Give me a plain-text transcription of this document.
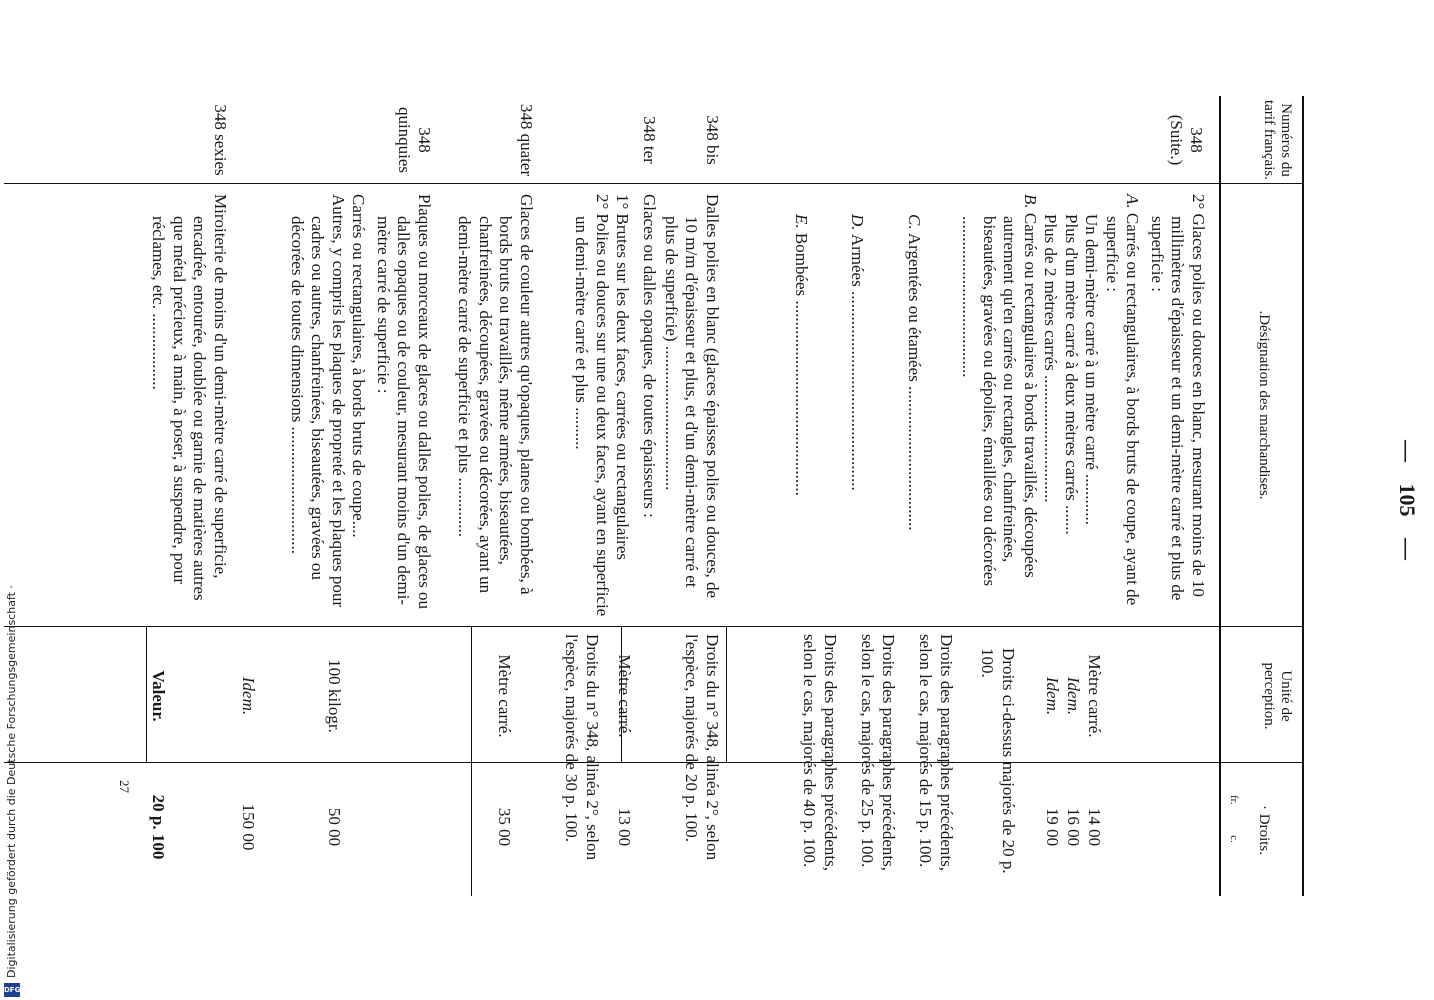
— 105 —
Numéros du tarif français.
.Désignation des marchandises.
Unité de perception.
· Droits.
fr. c.

348

(Suite.)

2° Glaces polies ou douces en blanc, mesurant moins de 10 millimètres d'épaisseur et un demi-mètre carré et plus de superficie :

A. Carrés ou rectangulaires, à bords bruts de coupe, ayant de superficie :

Un demi-mètre carré à un mètre carré ............

Plus d'un mètre carré à deux mètres carrés .......

Plus de 2 mètres carrés ..............................

B. Carrés ou rectangulaires à bords travaillés, découpées autrement qu'en carrés ou rectangles, chanfreinées, biseautées, gravées ou dépolies, émaillées ou décorées ......................................

C. Argentées ou étamées ..................................

D. Armées ...............................................

E. Bombées ..............................................

Mètre carré.
14 00
Idem.
16 00
Idem.
19 00
Droits ci-dessus majorés de 20 p. 100.
Droits des paragraphes précédents, selon le cas, majorés de 15 p. 100.
Droits des paragraphes précédents, selon le cas, majorés de 25 p. 100.
Droits des paragraphes précédents, selon le cas, majorés de 40 p. 100.
348 bis

Dalles polies en blanc (glaces épaisses polies ou douces, de 10 m/m d'épaisseur et plus, et d'un demi-mètre carré et plus de superficie) ..................................

Droits du n° 348, alinéa 2°, selon l'espèce, majorés de 20 p. 100.
348 ter

Glaces ou dalles opaques, de toutes épaisseurs :

1° Brutes sur les deux faces, carrées ou rectangulaires

2° Polies ou douces sur une ou deux faces, ayant en superficie un demi-mètre carré et plus ..........

Mètre carré.
13 00
Droits du n° 348, alinéa 2°, selon l'espèce, majorés de 30 p. 100.
348 quater

Glaces de couleur autres qu'opaques, planes ou bombées, à bords bruts ou travaillés, même armées, biseautées, chanfreinées, découpées, gravées ou décorées, ayant un demi-mètre carré de superficie et plus ..............

Mètre carré.
35 00
348 quinquies

Plaques ou morceaux de glaces ou dalles polies, de glaces ou dalles opaques ou de couleur, mesurant moins d'un demi-mètre carré de superficie :

Carrés ou rectangulaires, à bords bruts de coupe....

Autres, y compris les plaques de propreté et les plaques pour cadres ou autres, chanfreinées, biseautées, gravées ou décorées de toutes dimensions ..............................

100 kilogr.
50 00
Idem.
150 00
348 sexies

Miroiterie de moins d'un demi-mètre carré de superficie, encadrée, entourée, doublée ou garnie de matières autres que métal précieux, à main, à poser, à suspendre, pour réclames, etc. ..................

Valeur.
20 p. 100
27
Digitalisierung gefördert durch die Deutsche Forschungsgemeinschaft ·
DFG
